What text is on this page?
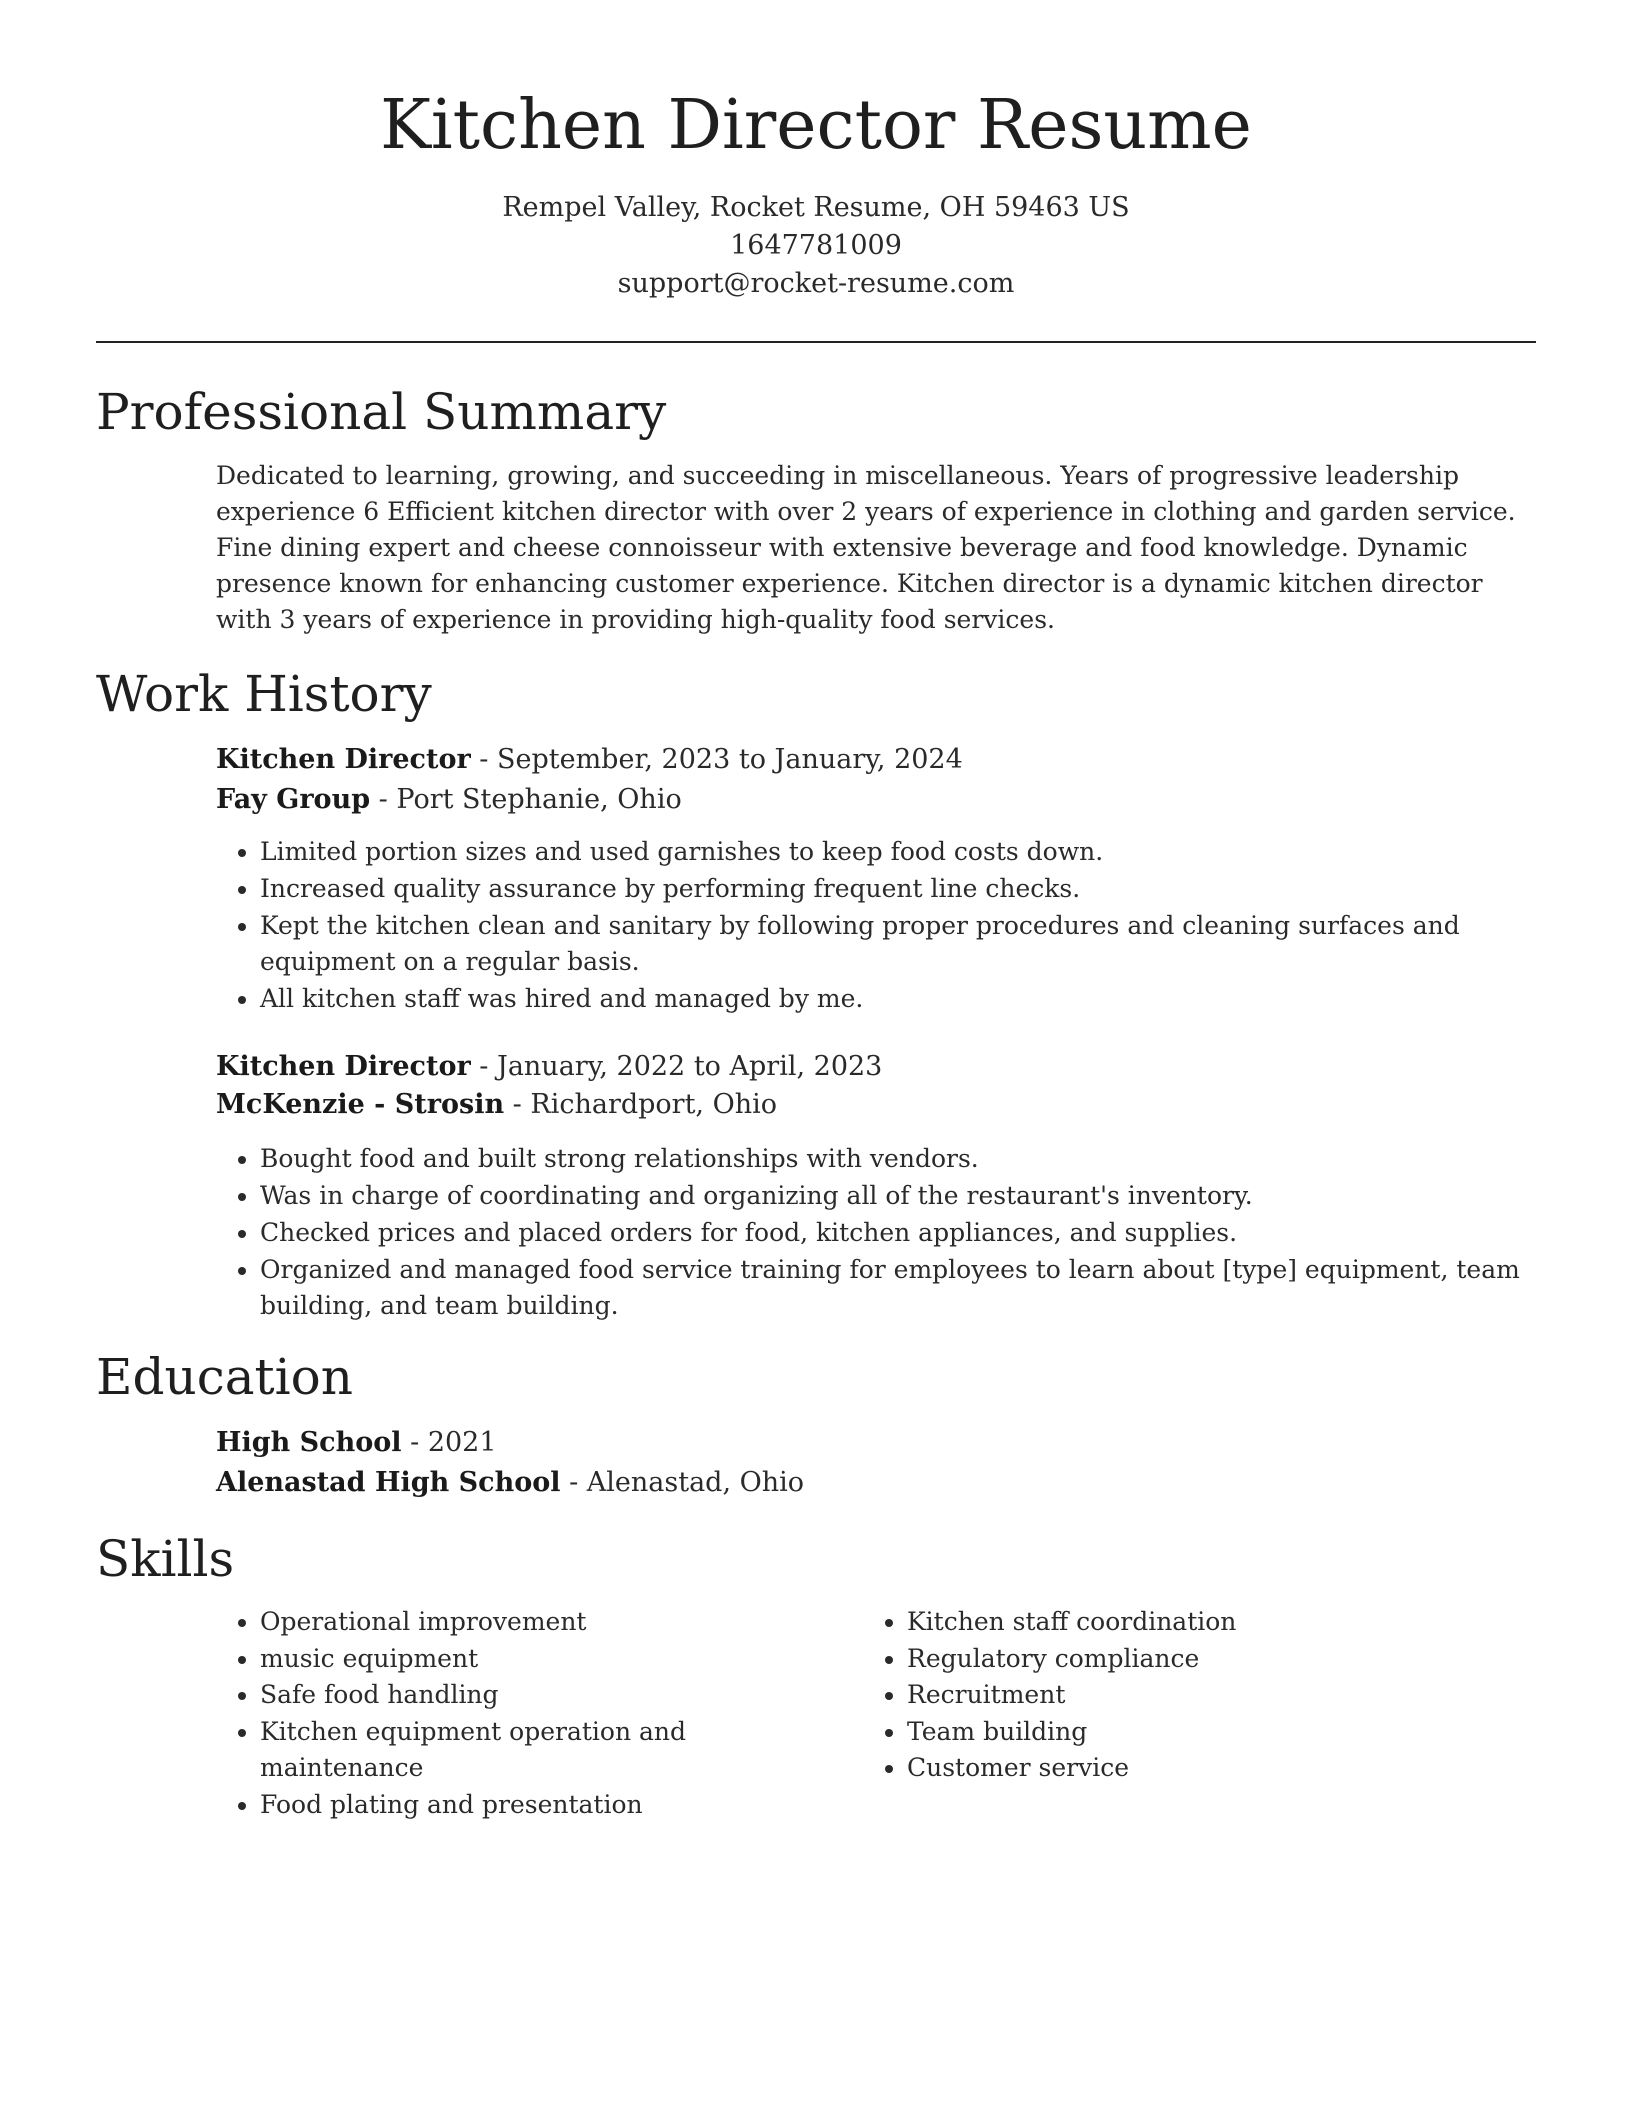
Kitchen Director Resume
Rempel Valley, Rocket Resume, OH 59463 US
1647781009
support@rocket-resume.com
Professional Summary

Dedicated to learning, growing, and succeeding in miscellaneous. Years of progressive leadership experience 6 Efficient kitchen director with over 2 years of experience in clothing and garden service. Fine dining expert and cheese connoisseur with extensive beverage and food knowledge. Dynamic presence known for enhancing customer experience. Kitchen director is a dynamic kitchen director with 3 years of experience in providing high-quality food services.

Work History
Kitchen Director - September, 2023 to January, 2024
Fay Group - Port Stephanie, Ohio
• Limited portion sizes and used garnishes to keep food costs down.
• Increased quality assurance by performing frequent line checks.
• Kept the kitchen clean and sanitary by following proper procedures and cleaning surfaces and equipment on a regular basis.
• All kitchen staff was hired and managed by me.
Kitchen Director - January, 2022 to April, 2023
McKenzie - Strosin - Richardport, Ohio
• Bought food and built strong relationships with vendors.
• Was in charge of coordinating and organizing all of the restaurant's inventory.
• Checked prices and placed orders for food, kitchen appliances, and supplies.
• Organized and managed food service training for employees to learn about [type] equipment, team building, and team building.
Education
High School - 2021
Alenastad High School - Alenastad, Ohio
Skills
• Operational improvement
• music equipment
• Safe food handling
• Kitchen equipment operation and maintenance
• Food plating and presentation
• Kitchen staff coordination
• Regulatory compliance
• Recruitment
• Team building
• Customer service
